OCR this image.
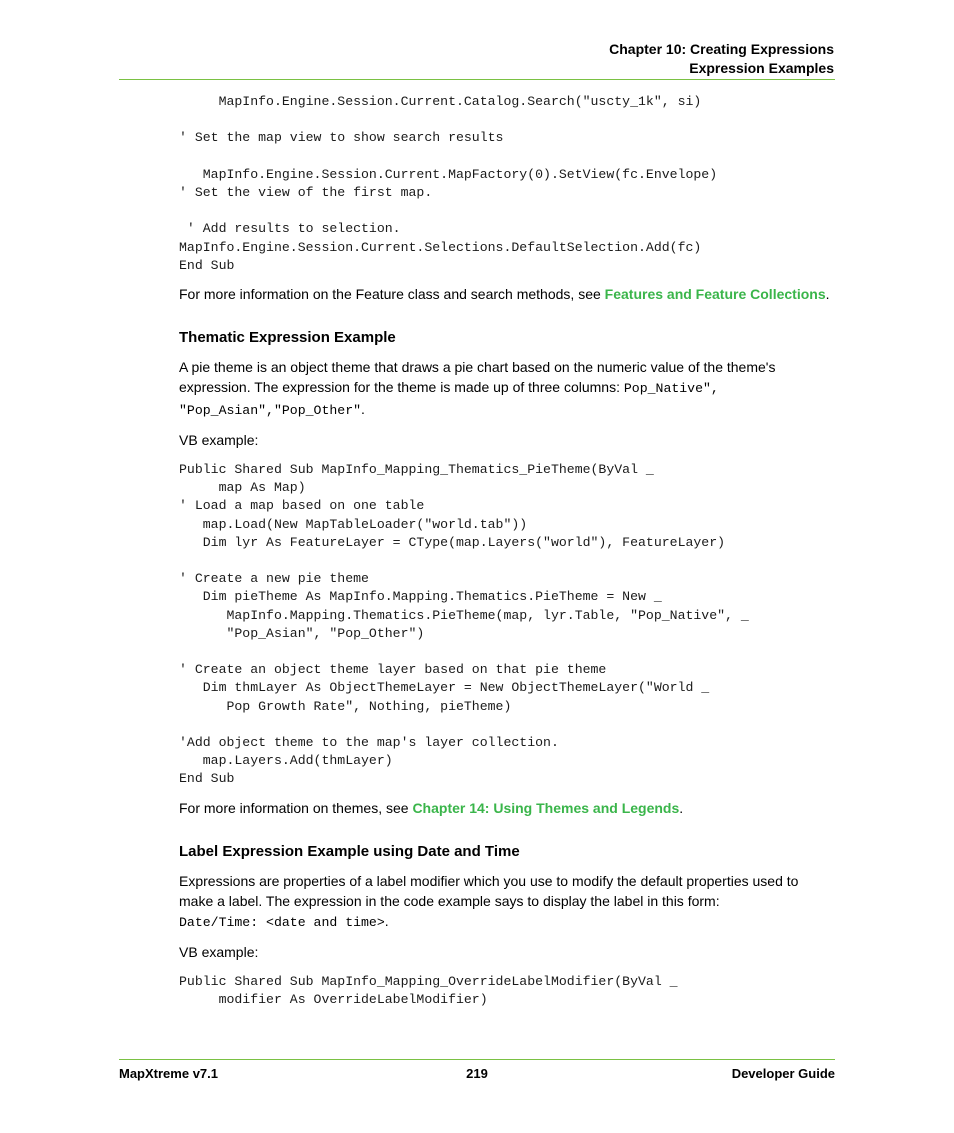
Chapter 10: Creating Expressions
Expression Examples
MapInfo.Engine.Session.Current.Catalog.Search("uscty_1k", si)

' Set the map view to show search results

MapInfo.Engine.Session.Current.MapFactory(0).SetView(fc.Envelope)
' Set the view of the first map.

' Add results to selection.
MapInfo.Engine.Session.Current.Selections.DefaultSelection.Add(fc)
End Sub

For more information on the Feature class and search methods, see Features and Feature Collections.

Thematic Expression Example

A pie theme is an object theme that draws a pie chart based on the numeric value of the theme's expression. The expression for the theme is made up of three columns: Pop_Native", "Pop_Asian","Pop_Other".

VB example:

Public Shared Sub MapInfo_Mapping_Thematics_PieTheme(ByVal _
map As Map)
' Load a map based on one table
map.Load(New MapTableLoader("world.tab"))
Dim lyr As FeatureLayer = CType(map.Layers("world"), FeatureLayer)

' Create a new pie theme
Dim pieTheme As MapInfo.Mapping.Thematics.PieTheme = New _
MapInfo.Mapping.Thematics.PieTheme(map, lyr.Table, "Pop_Native", _
"Pop_Asian", "Pop_Other")

' Create an object theme layer based on that pie theme
Dim thmLayer As ObjectThemeLayer = New ObjectThemeLayer("World _
Pop Growth Rate", Nothing, pieTheme)

'Add object theme to the map's layer collection.
map.Layers.Add(thmLayer)
End Sub

For more information on themes, see Chapter 14: Using Themes and Legends.

Label Expression Example using Date and Time

Expressions are properties of a label modifier which you use to modify the default properties used to make a label. The expression in the code example says to display the label in this form:
Date/Time: <date and time>.

VB example:

Public Shared Sub MapInfo_Mapping_OverrideLabelModifier(ByVal _
modifier As OverrideLabelModifier)
MapXtreme v7.1	219	Developer Guide
